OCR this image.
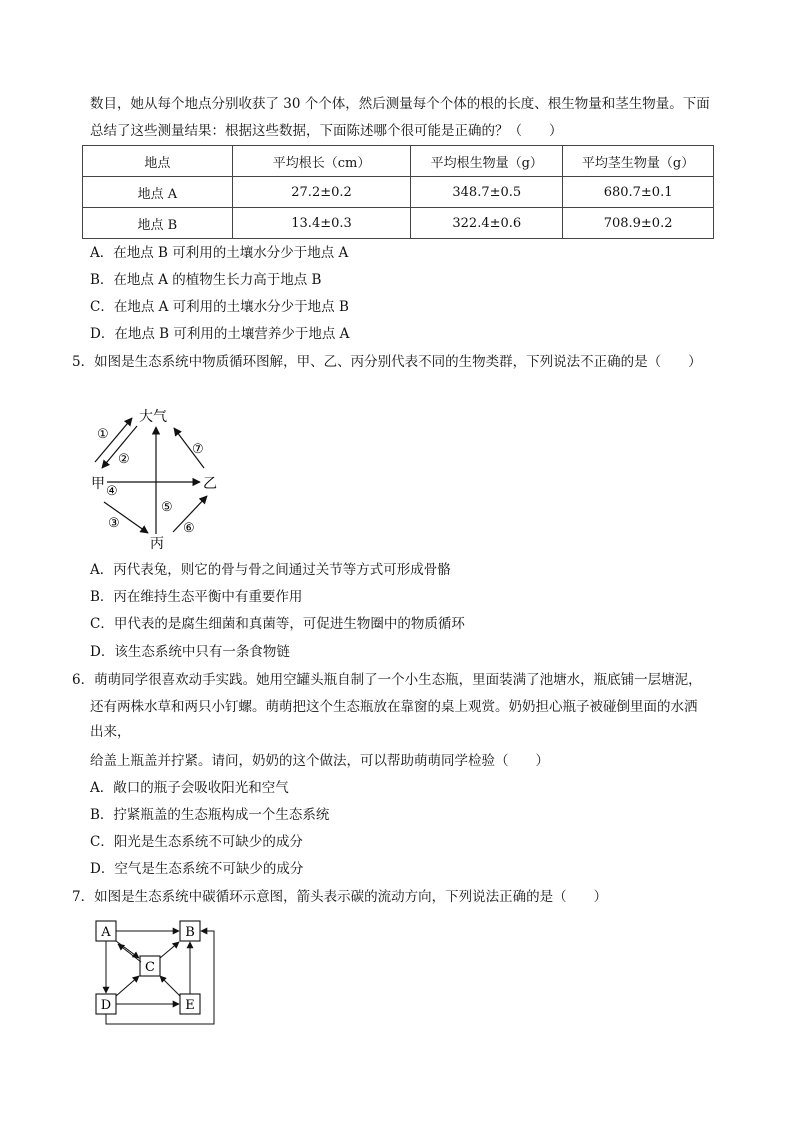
数目，她从每个地点分别收获了 30 个个体，然后测量每个个体的根的长度、根生物量和茎生物量。下面
总结了这些测量结果：根据这些数据，下面陈述哪个很可能是正确的？（　　）
地点	平均根长（cm）	平均根生物量（g）	平均茎生物量（g）
地点 A	27.2±0.2	348.7±0.5	680.7±0.1
地点 B	13.4±0.3	322.4±0.6	708.9±0.2
A．在地点 B 可利用的土壤水分少于地点 A
B．在地点 A 的植物生长力高于地点 B
C．在地点 A 可利用的土壤水分少于地点 B
D．在地点 B 可利用的土壤营养少于地点 A
5．如图是生态系统中物质循环图解，甲、乙、丙分别代表不同的生物类群，下列说法不正确的是（　　）
大气
甲	乙
丙
①
②
④
③
⑤
⑥
⑦
A．丙代表兔，则它的骨与骨之间通过关节等方式可形成骨骼
B．丙在维持生态平衡中有重要作用
C．甲代表的是腐生细菌和真菌等，可促进生物圈中的物质循环
D．该生态系统中只有一条食物链
6．萌萌同学很喜欢动手实践。她用空罐头瓶自制了一个小生态瓶，里面装满了池塘水，瓶底铺一层塘泥，
还有两株水草和两只小钉螺。萌萌把这个生态瓶放在靠窗的桌上观赏。奶奶担心瓶子被碰倒里面的水洒
出来，
给盖上瓶盖并拧紧。请问，奶奶的这个做法，可以帮助萌萌同学检验（　　）
A．敞口的瓶子会吸收阳光和空气
B．拧紧瓶盖的生态瓶构成一个生态系统
C．阳光是生态系统不可缺少的成分
D．空气是生态系统不可缺少的成分
7．如图是生态系统中碳循环示意图，箭头表示碳的流动方向，下列说法正确的是（　　）
A	B
C
D	E
